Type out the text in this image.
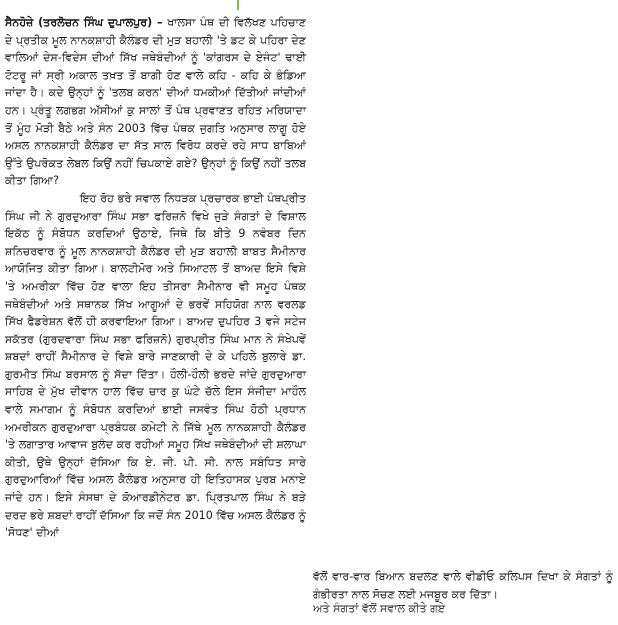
ਸੈਨਹੋਜ਼ੇ (ਤਰਲੋਚਨ ਸਿੰਘ ਦੁਪਾਲਪੁਰ) – ਖਾਲਸਾ ਪੰਥ ਦੀ ਵਿਲੱਖਣ ਪਹਿਚਾਣ ਦੇ ਪ੍ਰਤੀਕ ਮੂਲ ਨਾਨਕਸ਼ਾਹੀ ਕੈਲੰਡਰ ਦੀ ਮੁੜ ਬਹਾਲੀ 'ਤੇ ਡਟ ਕੇ ਪਹਿਰਾ ਦੇਣ ਵਾਲਿਆਂ ਦੇਸ-ਵਿਦੇਸ ਦੀਆਂ ਸਿੱਖ ਜਥੇਬੰਦੀਆਂ ਨੂੰ 'ਕਾਂਗਰਸ ਦੇ ਏਜੰਟ' ਢਾਈ ਟੋਟਰੂ ਜਾਂ ਸ੍ਰੀ ਅਕਾਲ ਤਖ਼ਤ ਤੋਂ ਬਾਗੀ ਹੋਣ ਵਾਲੇ ਕਹਿ - ਕਹਿ ਕੇ ਭੰਡਿਆ ਜਾਂਦਾ ਹੈ। ਕਦੇ ਉਨ੍ਹਾਂ ਨੂੰ 'ਤਲਬ ਕਰਨ' ਦੀਆਂ ਧਮਕੀਆਂ ਦਿੱਤੀਆਂ ਜਾਂਦੀਆਂ ਹਨ। ਪ੍ਰੰਤੂ ਲਗਭਗ ਅੱਸੀਆਂ ਕੁ ਸਾਲਾਂ ਤੋਂ ਪੰਥ ਪ੍ਰਵਾਣਤ ਰਹਿਤ ਮਰਿਯਾਦਾ ਤੋਂ ਮੂੰਹ ਮੋੜੀ ਬੈਠੇ ਅਤੇ ਸੰਨ 2003 ਵਿੱਚ ਪੰਥਕ ਜੁਗਤਿ ਅਨੁਸਾਰ ਲਾਗੂ ਹੋਏ ਅਸਲ ਨਾਨਕਸ਼ਾਹੀ ਕੈਲੰਡਰ ਦਾ ਸੱਤ ਸਾਲ ਵਿਰੋਧ ਕਰਦੇ ਰਹੇ ਸਾਧ ਬਾਬਿਆਂ ਉੱਤੇ ਉਪਰੋਕਤ ਲੇਬਲ ਕਿਉਂ ਨਹੀਂ ਚਿਪਕਾਏ ਗਏ? ਉਨ੍ਹਾਂ ਨੂੰ ਕਿਉਂ ਨਹੀਂ ਤਲਬ ਕੀਤਾ ਗਿਆ?

ਇਹ ਰੋਹ ਭਰੇ ਸਵਾਲ ਨਿਧੜਕ ਪ੍ਰਚਾਰਕ ਭਾਈ ਪੰਥਪ੍ਰੀਤ ਸਿੰਘ ਜੀ ਨੇ ਗੁਰਦੁਆਰਾ ਸਿੰਘ ਸਭਾ ਫਰਿਜ਼ਨੋ ਵਿਖੇ ਜੁੜੇ ਸੰਗਤਾਂ ਦੇ ਵਿਸ਼ਾਲ ਇਕੱਠ ਨੂੰ ਸੰਬੋਧਨ ਕਰਦਿਆਂ ਉਠਾਏ, ਜਿਥੇ ਕਿ ਬੀਤੇ 9 ਨਵੰਬਰ ਦਿਨ ਸ਼ਨਿਚਰਵਾਰ ਨੂੰ ਮੂਲ ਨਾਨਕਸ਼ਾਹੀ ਕੈਲੰਡਰ ਦੀ ਮੁੜ ਬਹਾਲੀ ਬਾਬਤ ਸੈਮੀਨਾਰ ਆਯੋਜਿਤ ਕੀਤਾ ਗਿਆ। ਬਾਲਟੀਮੋਰ ਅਤੇ ਸਿਆਟਲ ਤੋਂ ਬਾਅਦ ਇਸੇ ਵਿਸ਼ੇ 'ਤੇ ਅਮਰੀਕਾ ਵਿੱਚ ਹੋਣ ਵਾਲਾ ਇਹ ਤੀਸਰਾ ਸੈਮੀਨਾਰ ਵੀ ਸਮੂਹ ਪੰਥਕ ਜਥੇਬੰਦੀਆਂ ਅਤੇ ਸਥਾਨਕ ਸਿੱਖ ਆਗੂਆਂ ਦੇ ਭਰਵੇਂ ਸਹਿਯੋਗ ਨਾਲ ਵਰਲਡ ਸਿੱਖ ਫੈਡਰੇਸ਼ਨ ਵੱਲੋਂ ਹੀ ਕਰਵਾਇਆ ਗਿਆ। ਬਾਅਦ ਦੁਪਹਿਰ 3 ਵਜੇ ਸਟੇਜ ਸਕੱਤਰ (ਗੁਰਦਵਾਰਾ ਸਿੰਘ ਸਭਾ ਫਰਿਜ਼ਨੋ) ਗੁਰਪ੍ਰੀਤ ਸਿੰਘ ਮਾਨ ਨੇ ਸੰਖੇਪਵੇਂ ਸ਼ਬਦਾਂ ਰਾਹੀਂ ਸੈਮੀਨਾਰ ਦੇ ਵਿਸ਼ੇ ਬਾਰੇ ਜਾਣਕਾਰੀ ਦੇ ਕੇ ਪਹਿਲੇ ਬੁਲਾਰੇ ਡਾ. ਗੁਰਮੀਤ ਸਿੰਘ ਬਰਸਾਲ ਨੂੰ ਸੱਦਾ ਦਿੱਤਾ। ਹੌਲੀ-ਹੌਲੀ ਭਰਦੇ ਜਾਂਦੇ ਗੁਰਦੁਆਰਾ ਸਾਹਿਬ ਦੇ ਮੁੱਖ ਦੀਵਾਨ ਹਾਲ ਵਿੱਚ ਚਾਰ ਕੁ ਘੰਟੇ ਚੱਲੇ ਇਸ ਸੰਜੀਦਾ ਮਾਹੌਲ ਵਾਲੇ ਸਮਾਗਮ ਨੂੰ ਸੰਬੋਧਨ ਕਰਦਿਆਂ ਭਾਈ ਜਸਵੰਤ ਸਿੰਘ ਹੋਠੀ ਪ੍ਰਧਾਨ ਅਮਰੀਕਨ ਗੁਰਦੁਆਰਾ ਪ੍ਰਬੰਧਕ ਕਮੇਟੀ ਨੇ ਜਿੱਥੇ ਮੂਲ ਨਾਨਕਸ਼ਾਹੀ ਕੈਲੰਡਰ 'ਤੇ ਲਗਾਤਾਰ ਆਵਾਜ ਬੁਲੰਦ ਕਰ ਰਹੀਆਂ ਸਮੂਹ ਸਿੱਖ ਜਥੇਬੰਦੀਆਂ ਦੀ ਸ਼ਲਾਘਾ ਕੀਤੀ, ਉਥੇ ਉਨ੍ਹਾਂ ਦੱਸਿਆ ਕਿ ਏ. ਜੀ. ਪੀ. ਸੀ. ਨਾਲ ਸਬੰਧਿਤ ਸਾਰੇ ਗੁਰਦੁਆਰਿਆਂ ਵਿੱਚ ਅਸਲ ਕੈਲੰਡਰ ਅਨੁਸਾਰ ਹੀ ਇਤਿਹਾਸਕ ਪੁਰਬ ਮਨਾਏ ਜਾਂਦੇ ਹਨ। ਇਸੇ ਸੰਸਥਾ ਦੇ ਕੋਆਰਡੀਨੇਟਰ ਡਾ. ਪ੍ਰਿਤਪਾਲ ਸਿੰਘ ਨੇ ਬੜੇ ਦਰਦ ਭਰੇ ਸ਼ਬਦਾਂ ਰਾਹੀਂ ਦੱਸਿਆ ਕਿ ਜਦੋਂ ਸੰਨ 2010 ਵਿੱਚ ਅਸਲ ਕੈਲੰਡਰ ਨੂੰ 'ਸੋਧਣ' ਦੀਆਂ

ਵੱਲੋਂ ਵਾਰ-ਵਾਰ ਬਿਆਨ ਬਦਲਣ ਵਾਲੇ ਵੀਡੀਓ ਕਲਿਪਸ ਦਿਖਾ ਕੇ ਸੰਗਤਾਂ ਨੂੰ ਗੰਭੀਰਤਾ ਨਾਲ ਸੋਚਣ ਲਈ ਮਜਬੂਰ ਕਰ ਦਿੱਤਾ।

ਅਤੇ ਸੰਗਤਾਂ ਵੱਲੋਂ ਸਵਾਲ ਕੀਤੇ ਗਏ
